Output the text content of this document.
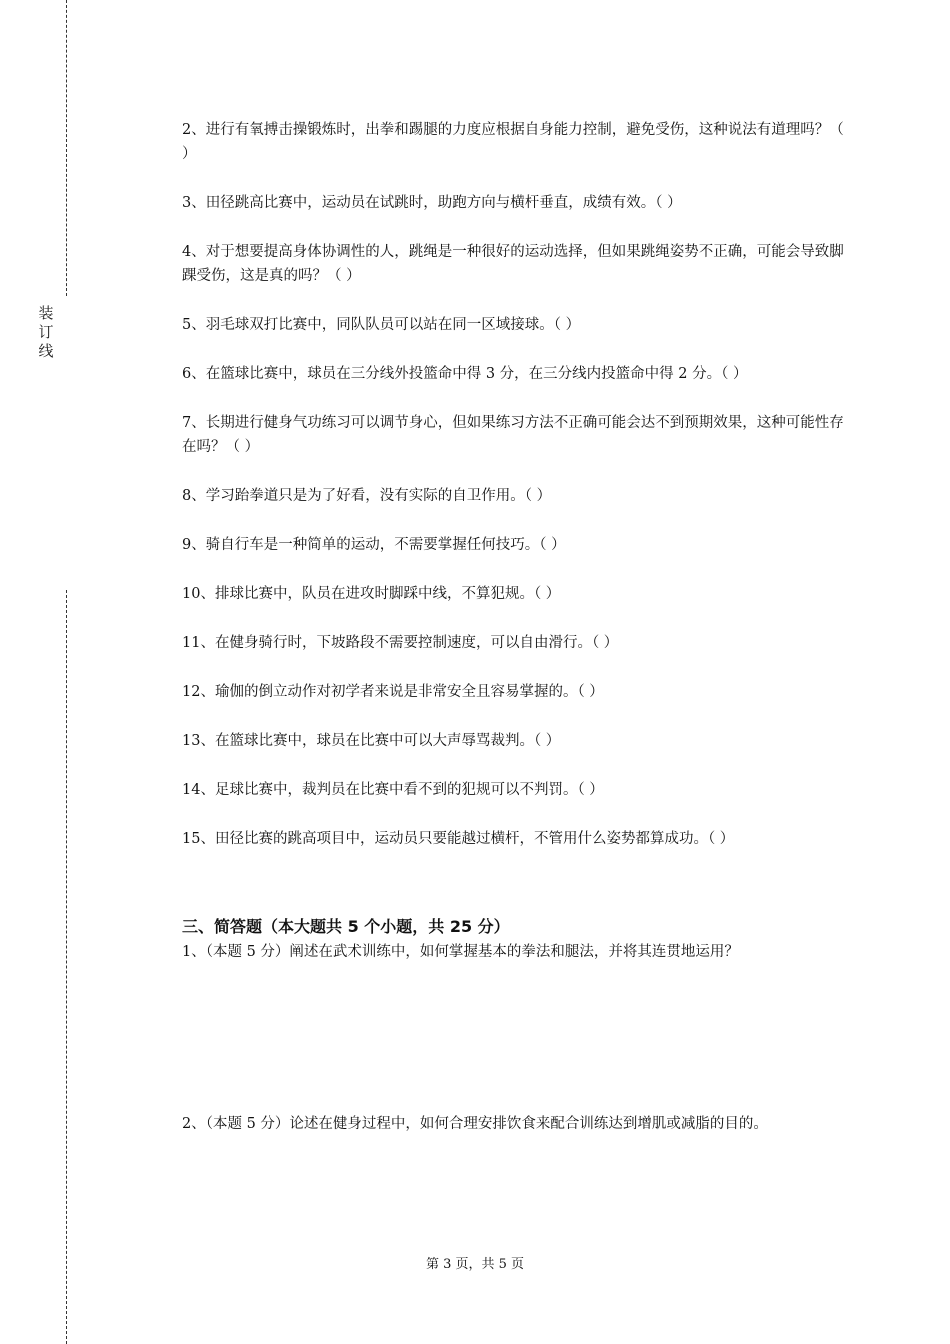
装
订
线

2、进行有氧搏击操锻炼时，出拳和踢腿的力度应根据自身能力控制，避免受伤，这种说法有道理吗？（ ）

3、田径跳高比赛中，运动员在试跳时，助跑方向与横杆垂直，成绩有效。（ ）

4、对于想要提高身体协调性的人，跳绳是一种很好的运动选择，但如果跳绳姿势不正确，可能会导致脚踝受伤，这是真的吗？（ ）

5、羽毛球双打比赛中，同队队员可以站在同一区域接球。（ ）

6、在篮球比赛中，球员在三分线外投篮命中得 3 分，在三分线内投篮命中得 2 分。（ ）

7、长期进行健身气功练习可以调节身心，但如果练习方法不正确可能会达不到预期效果，这种可能性存在吗？（ ）

8、学习跆拳道只是为了好看，没有实际的自卫作用。（ ）

9、骑自行车是一种简单的运动，不需要掌握任何技巧。（ ）

10、排球比赛中，队员在进攻时脚踩中线，不算犯规。（ ）

11、在健身骑行时，下坡路段不需要控制速度，可以自由滑行。（ ）

12、瑜伽的倒立动作对初学者来说是非常安全且容易掌握的。（ ）

13、在篮球比赛中，球员在比赛中可以大声辱骂裁判。（ ）

14、足球比赛中，裁判员在比赛中看不到的犯规可以不判罚。（ ）

15、田径比赛的跳高项目中，运动员只要能越过横杆，不管用什么姿势都算成功。（ ）

三、简答题（本大题共 5 个小题，共 25 分）

1、（本题 5 分）阐述在武术训练中，如何掌握基本的拳法和腿法，并将其连贯地运用？

2、（本题 5 分）论述在健身过程中，如何合理安排饮食来配合训练达到增肌或减脂的目的。

第 3 页，共 5 页
